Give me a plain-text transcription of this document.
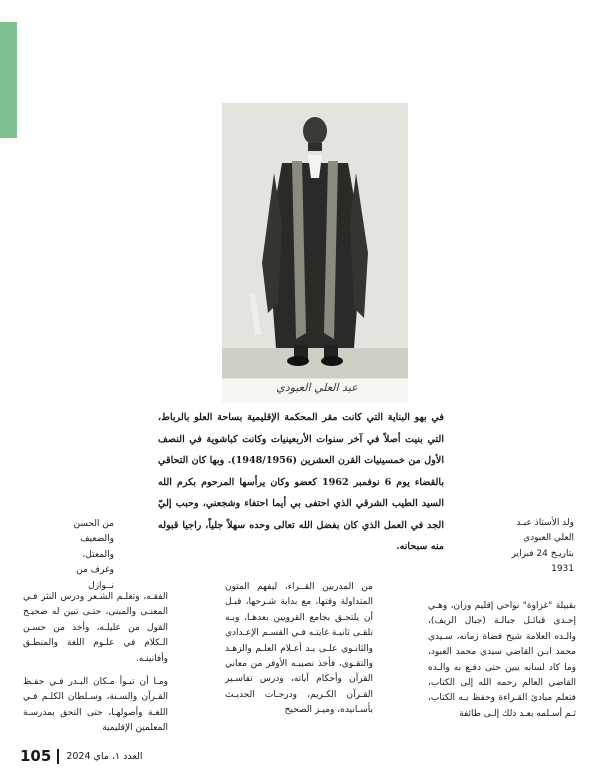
عبد العلي العبودي
في بهو البناية التي كانت مقر المحكمة الإقليمية بساحة العلو بالرباط، التي بنيت أصلاً في آخر سنوات الأربعينيات وكانت كباشوية في النصف الأول من خمسينيات القرن العشرين (1948/1956). وبها كان التحاقي بالقضاء يوم 6 نوفمبر 1962 كعضو وكان يرأسها المرحوم بكرم الله السيد الطيب الشرقي الذي احتفى بي أيما احتفاء وشجعني، وحبب إليّ الجد في العمل الذي كان بفضل الله تعالى وحده سهلاً جلياً، راجيا قبوله منه سبحانه.
ولد الأستاذ عبـد العلي العبودي بتاريـخ 24 فبراير 1931
بقبيلة "غزاوة" نواحي إقليم وزان، وهـي إحـدى قبائـل جبالـة (جبال الريف)، والـده العلامة شيخ قضاة زمانه، سـيدي محمد ابـن القاضي سيدي محمد العبود، وما كاد لسانه يبين حتى دفـع به والـده القاضي العالم رحمه الله إلى الكتاب، فتعلم مبادئ القـراءة وحفظ بـه الكتاب، ثـم أسـلمه بعـد ذلك إلـى طائفة
من المدربين القــراء، ليفهم المتون المتداولة وقتها، مع بداية شـرحها، قبـل أن يلتحـق بجامع القرويين بعدهـا، وبـه تلقـى ثانيـة غايتـه فـي القسـم الإعـدادي والثانـوي علـى يـد أعـلام العلـم والزهـد والتقـوى، فأخذ نصيبـه الأوفر من معاني القرآن وأحكام آياته، ودرس تفاسـير القـرآن الكـريم، ودرجـات الحديـث بأسـانيده، وميـز الصحيح
من الحسن والضعيف والمعتل، وغرف من نــوازل

الفقـه، وتعلـم الشـعر ودرس النثر فـي المعنـى والمبنى، حتـى تبين له صحيـح القول من عليلـه، وأخذ من حسـن الـكلام في علـوم اللغة والمنطـق وأفانينـه.

ومـا أن تبـوأ مـكان البـدر فـي حفـظ القـرآن والسـنة، وسـلطان الكلـم فـي اللغـة وأصولهـا، حتى التحق بمدرسـة المعلمين الإقليمية

105 العدد ١، ماي 2024
